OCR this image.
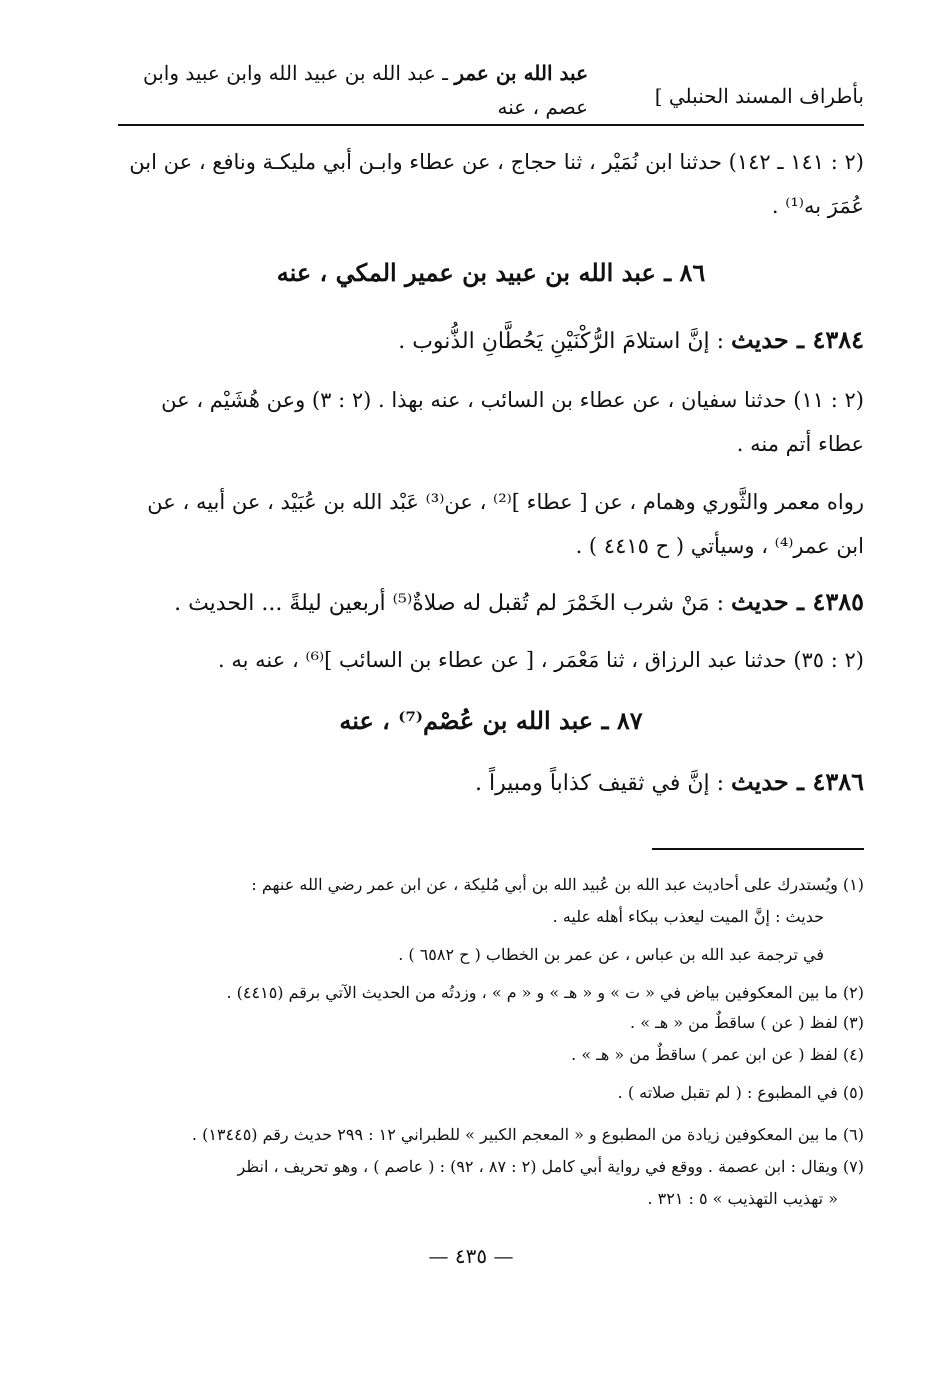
بأطراف المسند الحنبلي ]
عبد الله بن عمر ـ عبد الله بن عبيد الله وابن عبيد وابن
عصم ، عنه
(٢ : ١٤١ ـ ١٤٢) حدثنا ابن نُمَيْر ، ثنا حجاج ، عن عطاء وابـن أبي مليكـة ونافع ، عن ابن عُمَرَ به⁽¹⁾ .
٨٦ ـ عبد الله بن عبيد بن عمير المكي ، عنه
٤٣٨٤ ـ حديث : إنَّ استلامَ الرُّكْنَيْنِ يَحُطَّانِ الذُّنوب .
(٢ : ١١) حدثنا سفيان ، عن عطاء بن السائب ، عنه بهذا . (٢ : ٣) وعن هُشَيْم ، عن عطاء أتم منه .
رواه معمر والثَّوري وهمام ، عن [ عطاء ]⁽²⁾ ، عن⁽³⁾ عَبْد الله بن عُبَيْد ، عن أبيه ، عن ابن عمر⁽⁴⁾ ، وسيأتي ( ح ٤٤١٥ ) .
٤٣٨٥ ـ حديث : مَنْ شرب الخَمْرَ لم تُقبل له صلاةٌ⁽⁵⁾ أربعين ليلةً ... الحديث .
(٢ : ٣٥) حدثنا عبد الرزاق ، ثنا مَعْمَر ، [ عن عطاء بن السائب ]⁽⁶⁾ ، عنه به .
٨٧ ـ عبد الله بن عُصْم⁽⁷⁾ ، عنه
٤٣٨٦ ـ حديث : إنَّ في ثقيف كذاباً ومبيراً .
(١) ويُستدرك على أحاديث عبد الله بن عُبيد الله بن أبي مُليكة ، عن ابن عمر رضي الله عنهم :
حديث : إنَّ الميت ليعذب ببكاء أهله عليه .
في ترجمة عبد الله بن عباس ، عن عمر بن الخطاب ( ح ٦٥٨٢ ) .
(٢) ما بين المعكوفين بياض في « ت » و « هـ » و « م » ، وزدتُه من الحديث الآتي برقم (٤٤١٥) .
(٣) لفظ ( عن ) ساقطٌ من « هـ » .
(٤) لفظ ( عن ابن عمر ) ساقطٌ من « هـ » .
(٥) في المطبوع : ( لم تقبل صلاته ) .
(٦) ما بين المعكوفين زيادة من المطبوع و « المعجم الكبير » للطبراني ١٢ : ٢٩٩ حديث رقم (١٣٤٤٥) .
(٧) ويقال : ابن عصمة . ووقع في رواية أبي كامل (٢ : ٨٧ ، ٩٢) : ( عاصم ) ، وهو تحريف ، انظر
« تهذيب التهذيب » ٥ : ٣٢١ .
— ٤٣٥ —
